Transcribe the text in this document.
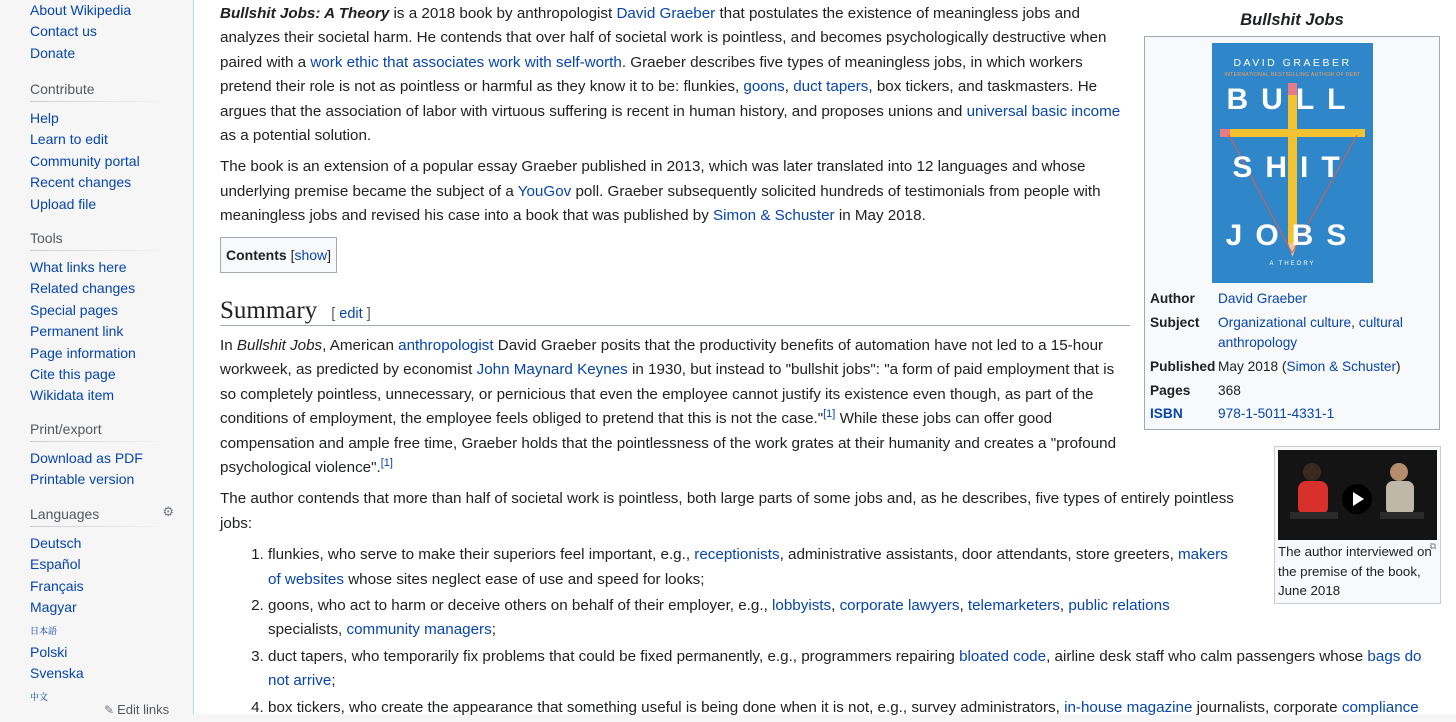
About Wikipedia
Contact us
Donate
Contribute
Help
Learn to edit
Community portal
Recent changes
Upload file
Tools
What links here
Related changes
Special pages
Permanent link
Page information
Cite this page
Wikidata item
Print/export
Download as PDF
Printable version
Languages	⚙
Deutsch
Español
Français
Magyar
日本語
Polski
Svenska
中文
✎ Edit links
Bullshit Jobs
DAVID GRAEBER
INTERNATIONAL BESTSELLING AUTHOR OF DEBT
BULL
SHIT
JOBS
A THEORY
Author	David Graeber
Subject	Organizational culture, cultural anthropology
Published May 2018 (Simon & Schuster)
Pages	368
ISBN	978-1-5011-4331-1
⧉
The author interviewed on the premise of the book, June 2018

Bullshit Jobs: A Theory is a 2018 book by anthropologist David Graeber that postulates the existence of meaningless jobs and analyzes their societal harm. He contends that over half of societal work is pointless, and becomes psychologically destructive when paired with a work ethic that associates work with self-worth. Graeber describes five types of meaningless jobs, in which workers pretend their role is not as pointless or harmful as they know it to be: flunkies, goons, duct tapers, box tickers, and taskmasters. He argues that the association of labor with virtuous suffering is recent in human history, and proposes unions and universal basic income as a potential solution.

The book is an extension of a popular essay Graeber published in 2013, which was later translated into 12 languages and whose underlying premise became the subject of a YouGov poll. Graeber subsequently solicited hundreds of testimonials from people with meaningless jobs and revised his case into a book that was published by Simon & Schuster in May 2018.

Contents [show]
Summary [ edit ]

In Bullshit Jobs, American anthropologist David Graeber posits that the productivity benefits of automation have not led to a 15-hour workweek, as predicted by economist John Maynard Keynes in 1930, but instead to "bullshit jobs": "a form of paid employment that is so completely pointless, unnecessary, or pernicious that even the employee cannot justify its existence even though, as part of the conditions of employment, the employee feels obliged to pretend that this is not the case."[1] While these jobs can offer good compensation and ample free time, Graeber holds that the pointlessness of the work grates at their humanity and creates a "profound psychological violence".[1]

The author contends that more than half of societal work is pointless, both large parts of some jobs and, as he describes, five types of entirely pointless jobs:

1. flunkies, who serve to make their superiors feel important, e.g., receptionists, administrative assistants, door attendants, store greeters, makers of websites whose sites neglect ease of use and speed for looks;
2. goons, who act to harm or deceive others on behalf of their employer, e.g., lobbyists, corporate lawyers, telemarketers, public relations specialists, community managers;
3. duct tapers, who temporarily fix problems that could be fixed permanently, e.g., programmers repairing bloated code, airline desk staff who calm passengers whose bags do not arrive;
4. box tickers, who create the appearance that something useful is being done when it is not, e.g., survey administrators, in-house magazine journalists, corporate compliance
